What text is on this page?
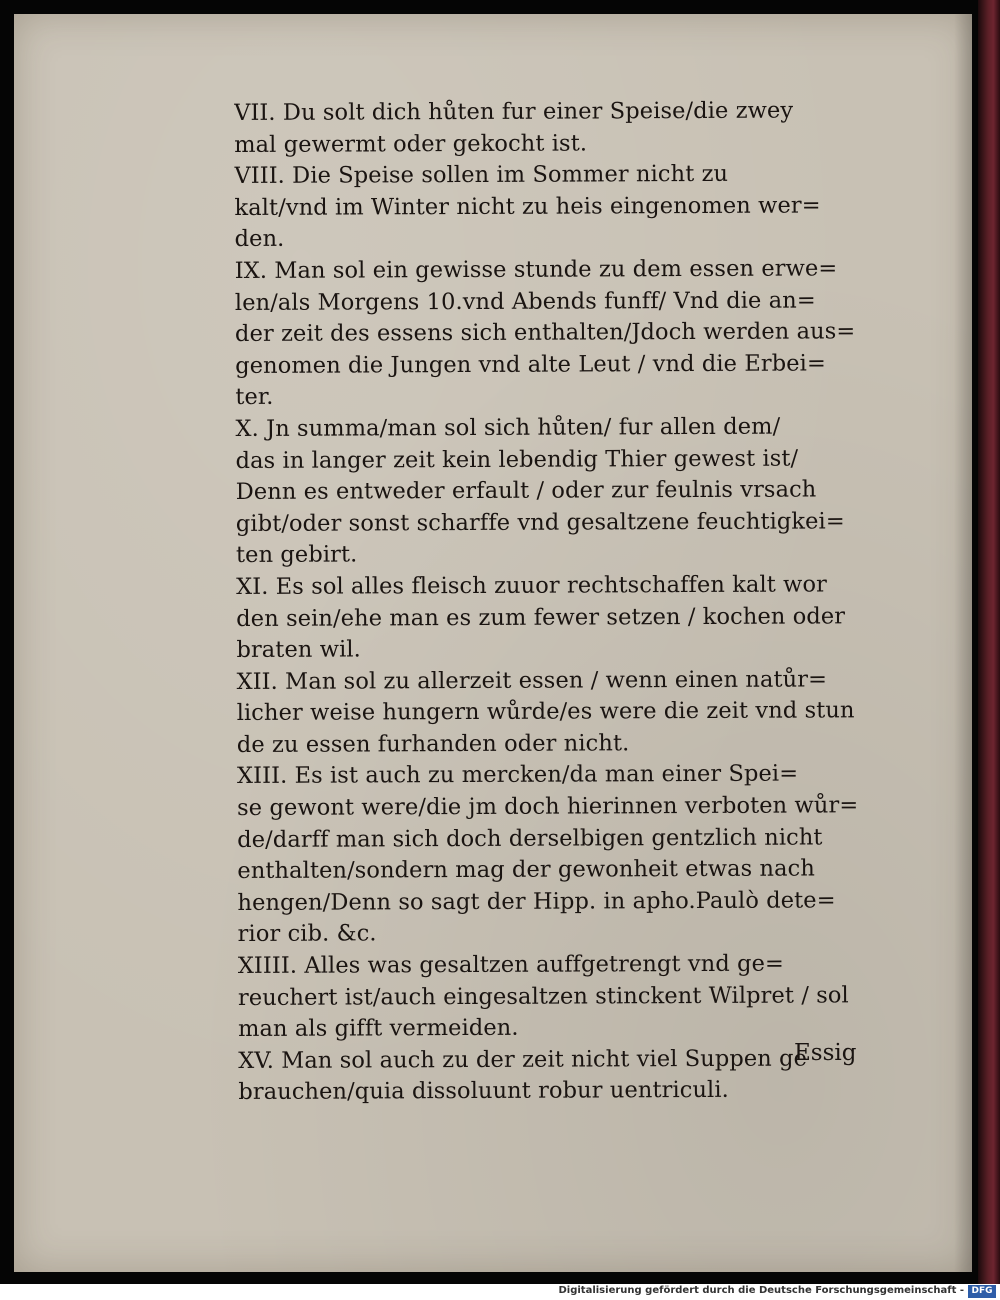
VII. Du solt dich hůten fur einer Speise/die zwey
mal gewermt oder gekocht ist.
VIII. Die Speise sollen im Sommer nicht zu
kalt/vnd im Winter nicht zu heis eingenomen wer=
den.
IX. Man sol ein gewisse stunde zu dem essen erwe=
len/als Morgens 10.vnd Abends funff/ Vnd die an=
der zeit des essens sich enthalten/Jdoch werden aus=
genomen die Jungen vnd alte Leut / vnd die Erbei=
ter.
X. Jn summa/man sol sich hůten/ fur allen dem/
das in langer zeit kein lebendig Thier gewest ist/
Denn es entweder erfault / oder zur feulnis vrsach
gibt/oder sonst scharffe vnd gesaltzene feuchtigkei=
ten gebirt.
XI. Es sol alles fleisch zuuor rechtschaffen kalt wor
den sein/ehe man es zum fewer setzen / kochen oder
braten wil.
XII. Man sol zu allerzeit essen / wenn einen natůr=
licher weise hungern wůrde/es were die zeit vnd stun
de zu essen furhanden oder nicht.
XIII. Es ist auch zu mercken/da man einer Spei=
se gewont were/die jm doch hierinnen verboten wůr=
de/darff man sich doch derselbigen gentzlich nicht
enthalten/sondern mag der gewonheit etwas nach
hengen/Denn so sagt der Hipp. in apho.Paulò dete=
rior cib. &c.
XIIII. Alles was gesaltzen auffgetrengt vnd ge=
reuchert ist/auch eingesaltzen stinckent Wilpret / sol
man als gifft vermeiden.
XV. Man sol auch zu der zeit nicht viel Suppen ge
brauchen/quia dissoluunt robur uentriculi.
Essig
Digitalisierung gefördert durch die Deutsche Forschungsgemeinschaft - DFG
